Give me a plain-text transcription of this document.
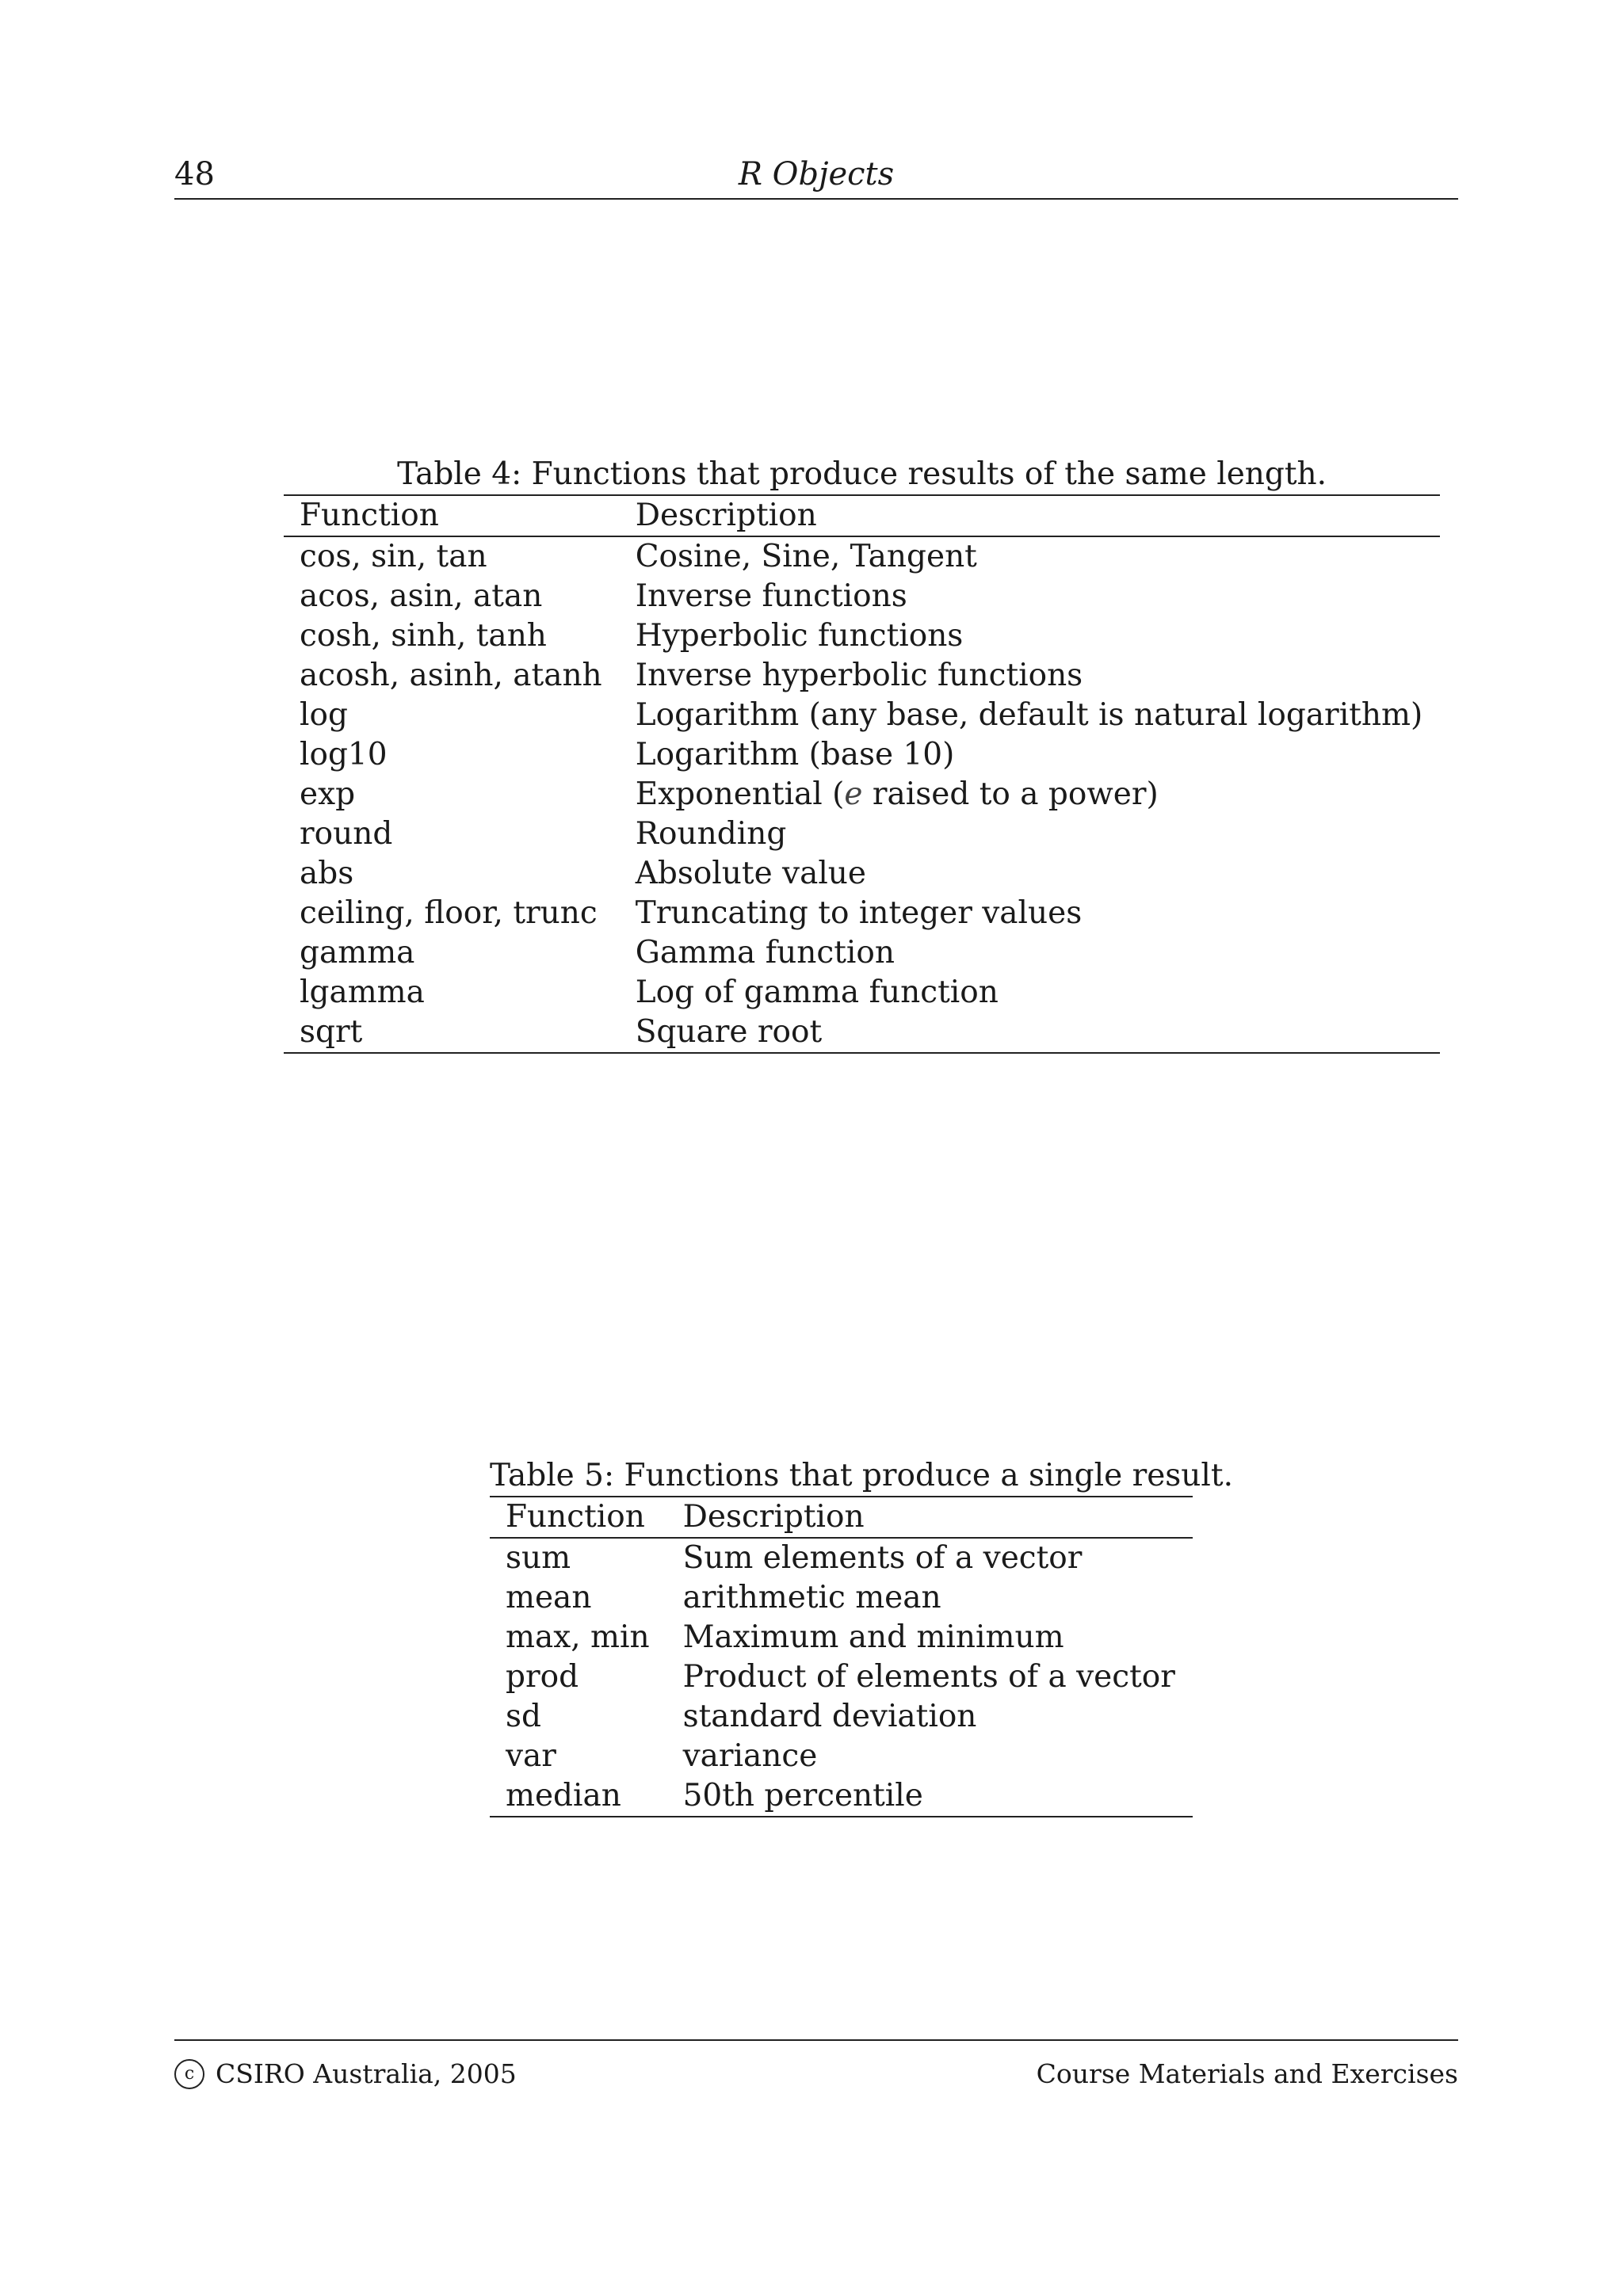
48	R Objects
Table 4: Functions that produce results of the same length.
Function	Description
cos, sin, tan	Cosine, Sine, Tangent
acos, asin, atan	Inverse functions
cosh, sinh, tanh	Hyperbolic functions
acosh, asinh, atanh	Inverse hyperbolic functions
log	Logarithm (any base, default is natural logarithm)
log10	Logarithm (base 10)
exp	Exponential (e raised to a power)
round	Rounding
abs	Absolute value
ceiling, floor, trunc	Truncating to integer values
gamma	Gamma function
lgamma	Log of gamma function
sqrt	Square root
Table 5: Functions that produce a single result.
Function	Description
sum	Sum elements of a vector
mean	arithmetic mean
max, min	Maximum and minimum
prod	Product of elements of a vector
sd	standard deviation
var	variance
median	50th percentile
c CSIRO Australia, 2005	Course Materials and Exercises
